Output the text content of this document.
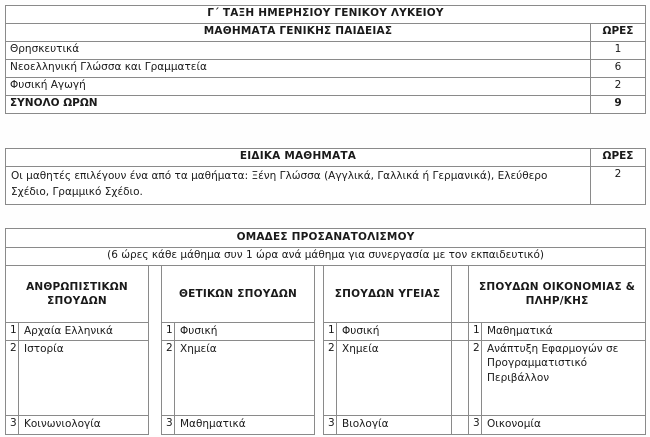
Γ΄ ΤΑΞΗ ΗΜΕΡΗΣΙΟΥ ΓΕΝΙΚΟΥ ΛΥΚΕΙΟΥ	
ΜΑΘΗΜΑΤΑ ΓΕΝΙΚΗΣ ΠΑΙΔΕΙΑΣ	ΩΡΕΣ
Θρησκευτικά	1
Νεοελληνική Γλώσσα και Γραμματεία	6
Φυσική Αγωγή	2
ΣΥΝΟΛΟ ΩΡΩΝ	9
ΕΙΔΙΚΑ ΜΑΘΗΜΑΤΑ	ΩΡΕΣ
Οι μαθητές επιλέγουν ένα από τα μαθήματα: Ξένη Γλώσσα (Αγγλικά, Γαλλικά ή Γερμανικά), Ελεύθερο Σχέδιο, Γραμμικό Σχέδιο.	2
ΟΜΑΔΕΣ ΠΡΟΣΑΝΑΤΟΛΙΣΜΟΥ										
(6 ώρες κάθε μάθημα συν 1 ώρα ανά μάθημα για συνεργασία με τον εκπαιδευτικό)										
ΑΝΘΡΩΠΙΣΤΙΚΩΝ ΣΠΟΥΔΩΝ			ΘΕΤΙΚΩΝ ΣΠΟΥΔΩΝ			ΣΠΟΥΔΩΝ ΥΓΕΙΑΣ			ΣΠΟΥΔΩΝ ΟΙΚΟΝΟΜΙΑΣ & ΠΛΗΡ/ΚΗΣ	
1	Αρχαία Ελληνικά		1	Φυσική		1	Φυσική		1	Μαθηματικά
2	Ιστορία		2	Χημεία		2	Χημεία		2	Ανάπτυξη Εφαρμογών σε Προγραμματιστικό Περιβάλλον
3	Κοινωνιολογία		3	Μαθηματικά		3	Βιολογία		3	Οικονομία
